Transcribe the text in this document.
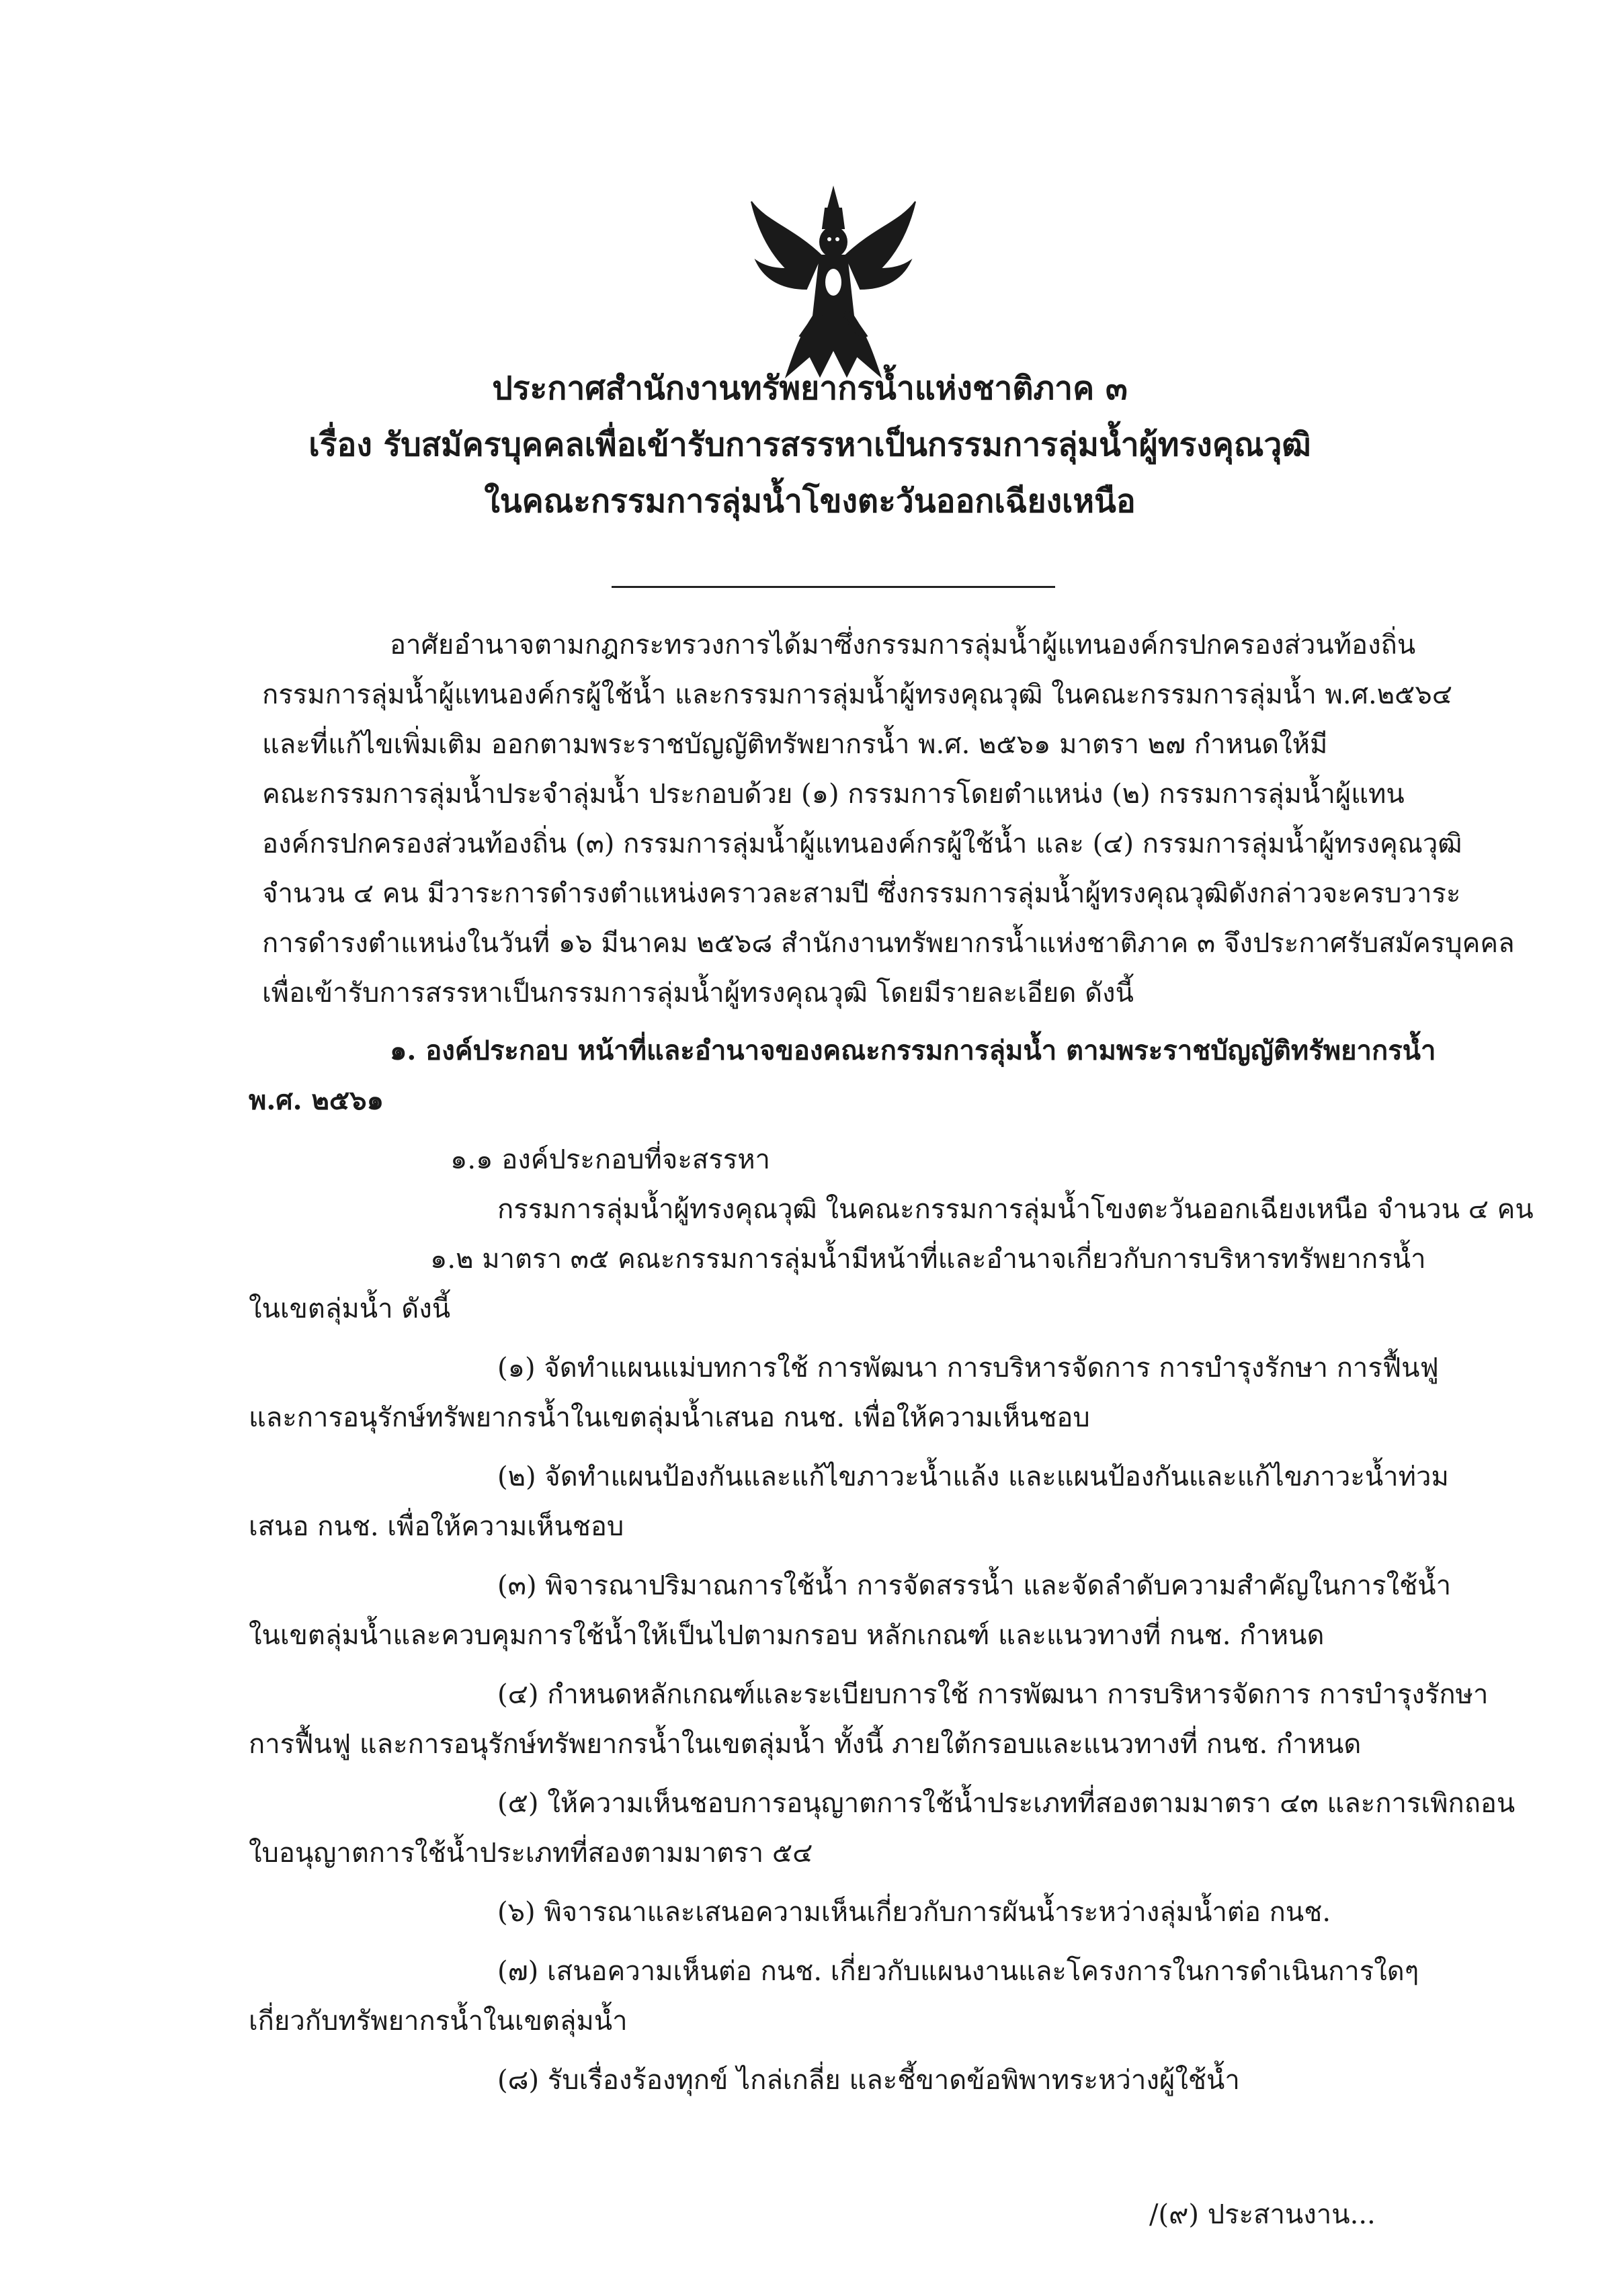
ประกาศสำนักงานทรัพยากรน้ำแห่งชาติภาค ๓
เรื่อง รับสมัครบุคคลเพื่อเข้ารับการสรรหาเป็นกรรมการลุ่มน้ำผู้ทรงคุณวุฒิ
ในคณะกรรมการลุ่มน้ำโขงตะวันออกเฉียงเหนือ
อาศัยอำนาจตามกฎกระทรวงการได้มาซึ่งกรรมการลุ่มน้ำผู้แทนองค์กรปกครองส่วนท้องถิ่น
กรรมการลุ่มน้ำผู้แทนองค์กรผู้ใช้น้ำ และกรรมการลุ่มน้ำผู้ทรงคุณวุฒิ ในคณะกรรมการลุ่มน้ำ พ.ศ.๒๕๖๔
และที่แก้ไขเพิ่มเติม ออกตามพระราชบัญญัติทรัพยากรน้ำ พ.ศ. ๒๕๖๑ มาตรา ๒๗ กำหนดให้มี
คณะกรรมการลุ่มน้ำประจำลุ่มน้ำ ประกอบด้วย (๑) กรรมการโดยตำแหน่ง (๒) กรรมการลุ่มน้ำผู้แทน
องค์กรปกครองส่วนท้องถิ่น (๓) กรรมการลุ่มน้ำผู้แทนองค์กรผู้ใช้น้ำ และ (๔) กรรมการลุ่มน้ำผู้ทรงคุณวุฒิ
จำนวน ๔ คน มีวาระการดำรงตำแหน่งคราวละสามปี ซึ่งกรรมการลุ่มน้ำผู้ทรงคุณวุฒิดังกล่าวจะครบวาระ
การดำรงตำแหน่งในวันที่ ๑๖ มีนาคม ๒๕๖๘ สำนักงานทรัพยากรน้ำแห่งชาติภาค ๓ จึงประกาศรับสมัครบุคคล
เพื่อเข้ารับการสรรหาเป็นกรรมการลุ่มน้ำผู้ทรงคุณวุฒิ โดยมีรายละเอียด ดังนี้
๑. องค์ประกอบ หน้าที่และอำนาจของคณะกรรมการลุ่มน้ำ ตามพระราชบัญญัติทรัพยากรน้ำ
พ.ศ. ๒๕๖๑
๑.๑ องค์ประกอบที่จะสรรหา
กรรมการลุ่มน้ำผู้ทรงคุณวุฒิ ในคณะกรรมการลุ่มน้ำโขงตะวันออกเฉียงเหนือ จำนวน ๔ คน
๑.๒ มาตรา ๓๕ คณะกรรมการลุ่มน้ำมีหน้าที่และอำนาจเกี่ยวกับการบริหารทรัพยากรน้ำ
ในเขตลุ่มน้ำ ดังนี้
(๑) จัดทำแผนแม่บทการใช้ การพัฒนา การบริหารจัดการ การบำรุงรักษา การฟื้นฟู
และการอนุรักษ์ทรัพยากรน้ำในเขตลุ่มน้ำเสนอ กนช. เพื่อให้ความเห็นชอบ
(๒) จัดทำแผนป้องกันและแก้ไขภาวะน้ำแล้ง และแผนป้องกันและแก้ไขภาวะน้ำท่วม
เสนอ กนช. เพื่อให้ความเห็นชอบ
(๓) พิจารณาปริมาณการใช้น้ำ การจัดสรรน้ำ และจัดลำดับความสำคัญในการใช้น้ำ
ในเขตลุ่มน้ำและควบคุมการใช้น้ำให้เป็นไปตามกรอบ หลักเกณฑ์ และแนวทางที่ กนช. กำหนด
(๔) กำหนดหลักเกณฑ์และระเบียบการใช้ การพัฒนา การบริหารจัดการ การบำรุงรักษา
การฟื้นฟู และการอนุรักษ์ทรัพยากรน้ำในเขตลุ่มน้ำ ทั้งนี้ ภายใต้กรอบและแนวทางที่ กนช. กำหนด
(๕) ให้ความเห็นชอบการอนุญาตการใช้น้ำประเภทที่สองตามมาตรา ๔๓ และการเพิกถอน
ใบอนุญาตการใช้น้ำประเภทที่สองตามมาตรา ๕๔
(๖) พิจารณาและเสนอความเห็นเกี่ยวกับการผันน้ำระหว่างลุ่มน้ำต่อ กนช.
(๗) เสนอความเห็นต่อ กนช. เกี่ยวกับแผนงานและโครงการในการดำเนินการใดๆ
เกี่ยวกับทรัพยากรน้ำในเขตลุ่มน้ำ
(๘) รับเรื่องร้องทุกข์ ไกล่เกลี่ย และชี้ขาดข้อพิพาทระหว่างผู้ใช้น้ำ
/(๙) ประสานงาน...
